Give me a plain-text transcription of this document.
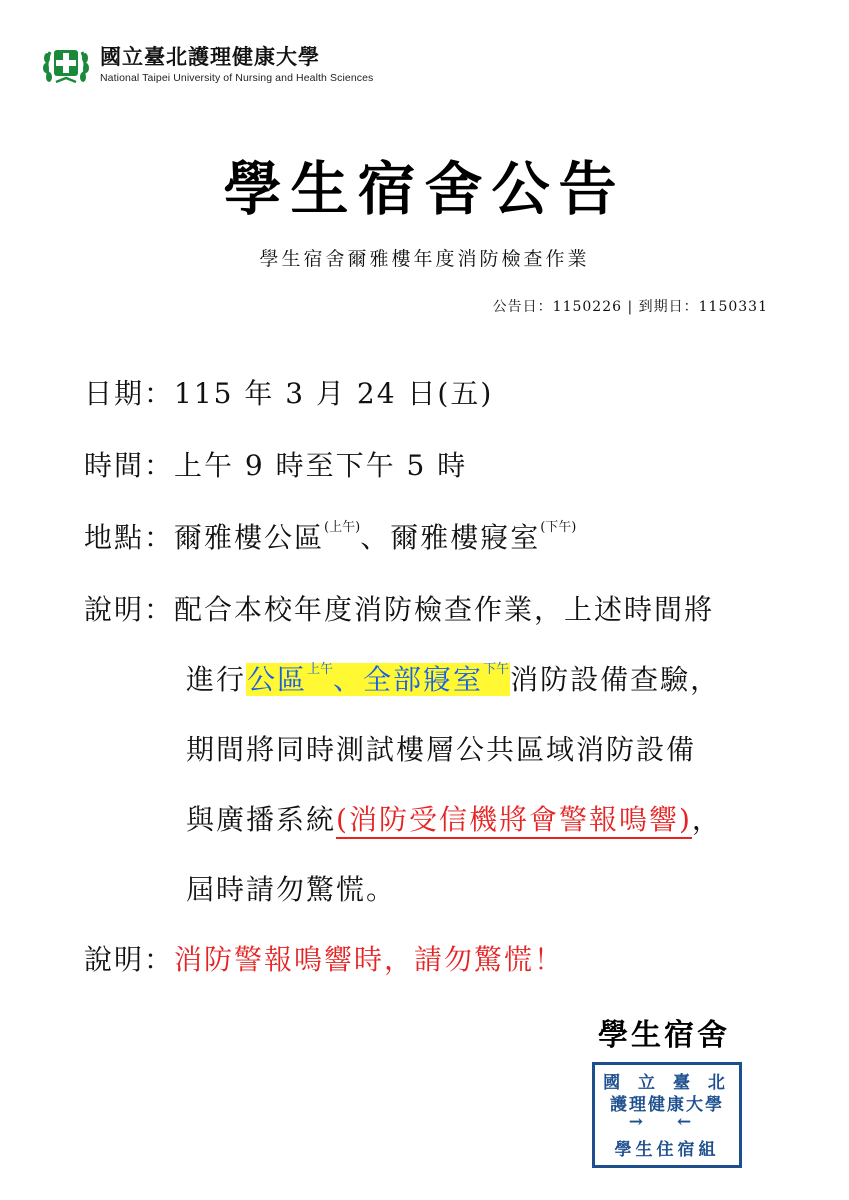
國立臺北護理健康大學
National Taipei University of Nursing and Health Sciences
學生宿舍公告
學生宿舍爾雅樓年度消防檢查作業
公告日：1150226 | 到期日：1150331
日期：115 年 3 月 24 日(五)
時間：上午 9 時至下午 5 時
地點：爾雅樓公區$^{(上午)}$、爾雅樓寢室$^{(下午)}$
說明：配合本校年度消防檢查作業，上述時間將
進行公區$^{上午}$、全部寢室$^{下午}$消防設備查驗，
期間將同時測試樓層公共區域消防設備
與廣播系統(消防受信機將會警報鳴響)，
屆時請勿驚慌。
說明：消防警報鳴響時，請勿驚慌！
學生宿舍
國 立 臺 北
護理健康大學
→ ←
學生住宿組
